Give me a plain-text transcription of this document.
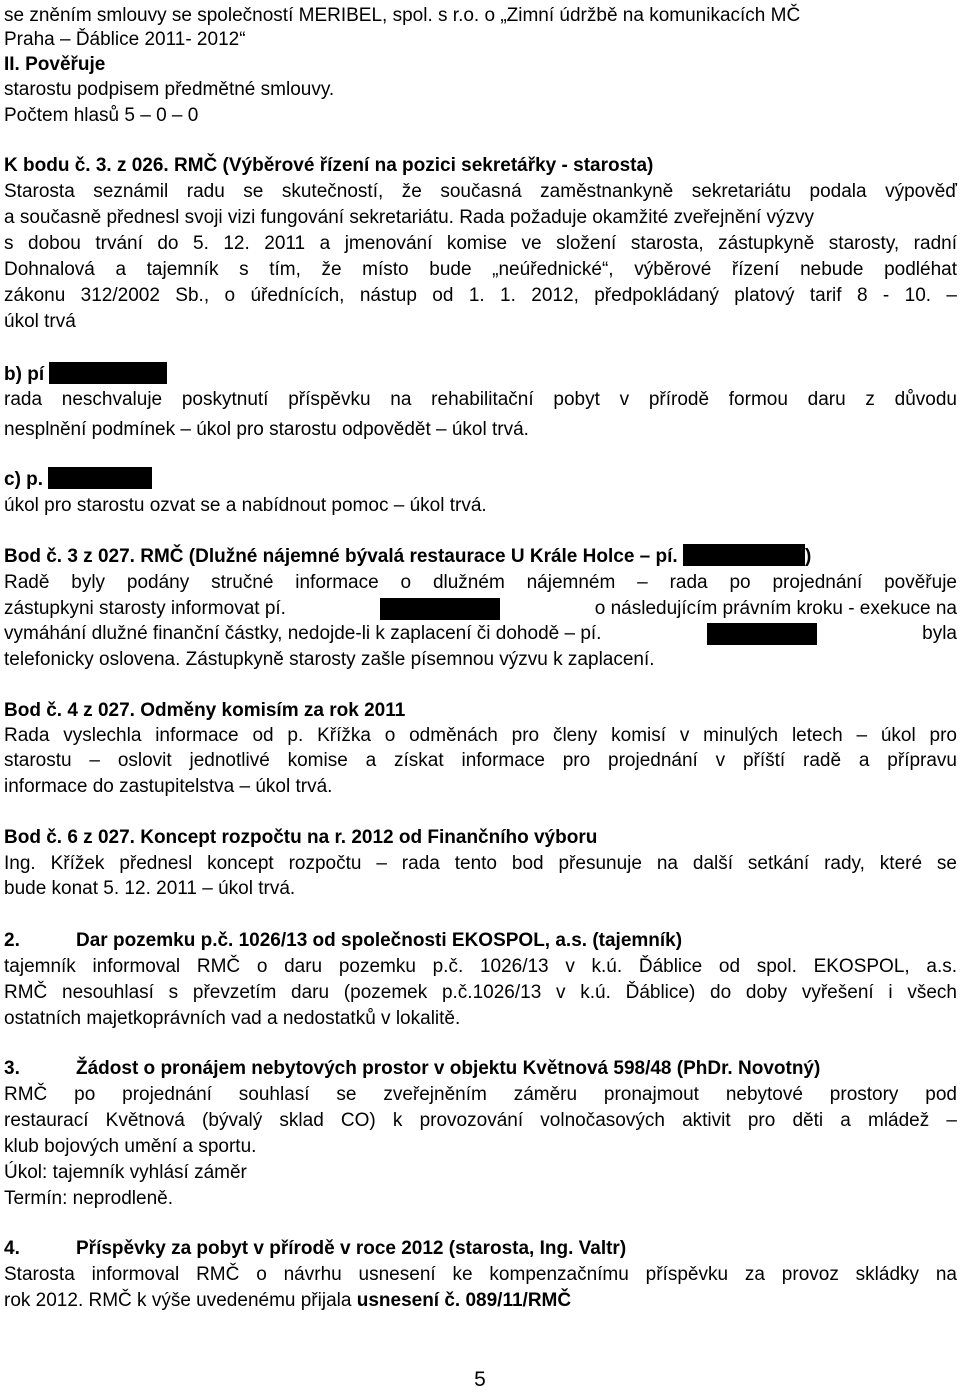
se zněním smlouvy se společností MERIBEL, spol. s r.o. o „Zimní údržbě na komunikacích MČ
Praha – Ďáblice 2011- 2012“
II. Pověřuje
starostu podpisem předmětné smlouvy.
Počtem hlasů 5 – 0 – 0
K bodu č. 3. z 026. RMČ (Výběrové řízení na pozici sekretářky - starosta)
Starosta seznámil radu se skutečností, že současná zaměstnankyně sekretariátu podala výpověď
a současně přednesl svoji vizi fungování sekretariátu. Rada požaduje okamžité zveřejnění výzvy
s dobou trvání do 5. 12. 2011 a jmenování komise ve složení starosta, zástupkyně starosty, radní
Dohnalová a tajemník s tím, že místo bude „neúřednické“, výběrové řízení nebude podléhat
zákonu 312/2002 Sb., o úřednících, nástup od 1. 1. 2012, předpokládaný platový tarif 8 - 10. –
úkol trvá
b) pí
rada neschvaluje poskytnutí příspěvku na rehabilitační pobyt v přírodě formou daru z důvodu
nesplnění podmínek – úkol pro starostu odpovědět – úkol trvá.
c) p.
úkol pro starostu ozvat se a nabídnout pomoc – úkol trvá.
Bod č. 3 z 027. RMČ (Dlužné nájemné bývalá restaurace U Krále Holce – pí.	)
Radě byly podány stručné informace o dlužném nájemném – rada po projednání pověřuje
zástupkyni starosty informovat pí.	o následujícím právním kroku - exekuce na
vymáhání dlužné finanční částky, nedojde-li k zaplacení či dohodě – pí.	byla
telefonicky oslovena. Zástupkyně starosty zašle písemnou výzvu k zaplacení.
Bod č. 4 z 027. Odměny komisím za rok 2011
Rada vyslechla informace od p. Křížka o odměnách pro členy komisí v minulých letech – úkol pro
starostu – oslovit jednotlivé komise a získat informace pro projednání v příští radě a přípravu
informace do zastupitelstva – úkol trvá.
Bod č. 6 z 027. Koncept rozpočtu na r. 2012 od Finančního výboru
Ing. Křížek přednesl koncept rozpočtu – rada tento bod přesunuje na další setkání rady, které se
bude konat 5. 12. 2011 – úkol trvá.
2.	Dar pozemku p.č. 1026/13 od společnosti EKOSPOL, a.s. (tajemník)
tajemník informoval RMČ o daru pozemku p.č. 1026/13 v k.ú. Ďáblice od spol. EKOSPOL, a.s.
RMČ nesouhlasí s převzetím daru (pozemek p.č.1026/13 v k.ú. Ďáblice) do doby vyřešení i všech
ostatních majetkoprávních vad a nedostatků v lokalitě.
3.	Žádost o pronájem nebytových prostor v objektu Květnová 598/48 (PhDr. Novotný)
RMČ po projednání souhlasí se zveřejněním záměru pronajmout nebytové prostory pod
restaurací Květnová (bývalý sklad CO) k provozování volnočasových aktivit pro děti a mládež –
klub bojových umění a sportu.
Úkol: tajemník vyhlásí záměr
Termín: neprodleně.
4.	Příspěvky za pobyt v přírodě v roce 2012 (starosta, Ing. Valtr)
Starosta informoval RMČ o návrhu usnesení ke kompenzačnímu příspěvku za provoz skládky na
rok 2012. RMČ k výše uvedenému přijala usnesení č. 089/11/RMČ
5
